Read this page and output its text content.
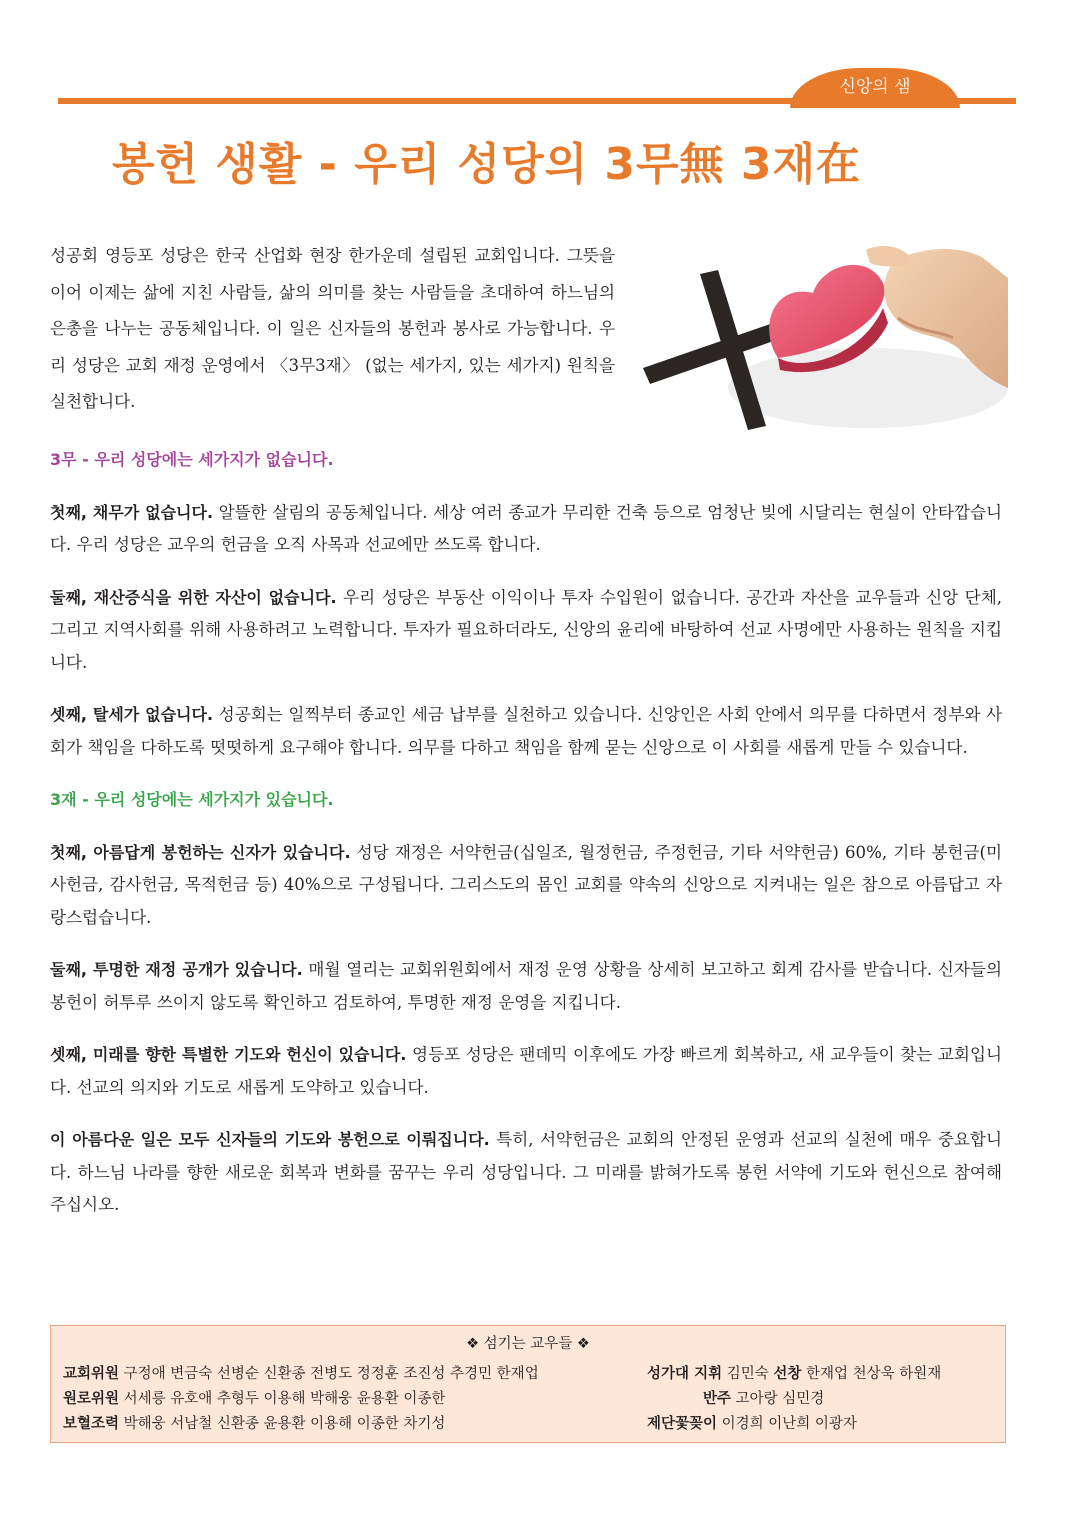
신앙의 샘
봉헌 생활 - 우리 성당의 3무無 3재在
성공회 영등포 성당은 한국 산업화 현장 한가운데 설립된 교회입니다. 그뜻을 이어 이제는 삶에 지친 사람들, 삶의 의미를 찾는 사람들을 초대하여 하느님의 은총을 나누는 공동체입니다. 이 일은 신자들의 봉헌과 봉사로 가능합니다. 우리 성당은 교회 재정 운영에서 〈3무3재〉 (없는 세가지, 있는 세가지) 원칙을 실천합니다.
3무 - 우리 성당에는 세가지가 없습니다.

첫째, 채무가 없습니다. 알뜰한 살림의 공동체입니다. 세상 여러 종교가 무리한 건축 등으로 엄청난 빚에 시달리는 현실이 안타깝습니다. 우리 성당은 교우의 헌금을 오직 사목과 선교에만 쓰도록 합니다.

둘째, 재산증식을 위한 자산이 없습니다. 우리 성당은 부동산 이익이나 투자 수입원이 없습니다. 공간과 자산을 교우들과 신앙 단체, 그리고 지역사회를 위해 사용하려고 노력합니다. 투자가 필요하더라도, 신앙의 윤리에 바탕하여 선교 사명에만 사용하는 원칙을 지킵니다.

셋째, 탈세가 없습니다. 성공회는 일찍부터 종교인 세금 납부를 실천하고 있습니다. 신앙인은 사회 안에서 의무를 다하면서 정부와 사회가 책임을 다하도록 떳떳하게 요구해야 합니다. 의무를 다하고 책임을 함께 묻는 신앙으로 이 사회를 새롭게 만들 수 있습니다.

3재 - 우리 성당에는 세가지가 있습니다.

첫째, 아름답게 봉헌하는 신자가 있습니다. 성당 재정은 서약헌금(십일조, 월정헌금, 주정헌금, 기타 서약헌금) 60%, 기타 봉헌금(미사헌금, 감사헌금, 목적헌금 등) 40%으로 구성됩니다. 그리스도의 몸인 교회를 약속의 신앙으로 지켜내는 일은 참으로 아름답고 자랑스럽습니다.

둘째, 투명한 재정 공개가 있습니다. 매월 열리는 교회위원회에서 재정 운영 상황을 상세히 보고하고 회계 감사를 받습니다. 신자들의 봉헌이 허투루 쓰이지 않도록 확인하고 검토하여, 투명한 재정 운영을 지킵니다.

셋째, 미래를 향한 특별한 기도와 헌신이 있습니다. 영등포 성당은 팬데믹 이후에도 가장 빠르게 회복하고, 새 교우들이 찾는 교회입니다. 선교의 의지와 기도로 새롭게 도약하고 있습니다.

이 아름다운 일은 모두 신자들의 기도와 봉헌으로 이뤄집니다. 특히, 서약헌금은 교회의 안정된 운영과 선교의 실천에 매우 중요합니다. 하느님 나라를 향한 새로운 회복과 변화를 꿈꾸는 우리 성당입니다. 그 미래를 밝혀가도록 봉헌 서약에 기도와 헌신으로 참여해 주십시오.

❖ 섬기는 교우들 ❖
교회위원 구정애 변금숙 선병순 신환종 전병도 정정훈 조진성 추경민 한재업
원로위원 서세릉 유호애 추형두 이용해 박해웅 윤용환 이종한
보혈조력 박해웅 서남철 신환종 윤용환 이용해 이종한 차기성
성가대 지휘 김민숙 선창 한재업 천상욱 하원재
반주 고아랑 심민경
제단꽃꽂이 이경희 이난희 이광자
